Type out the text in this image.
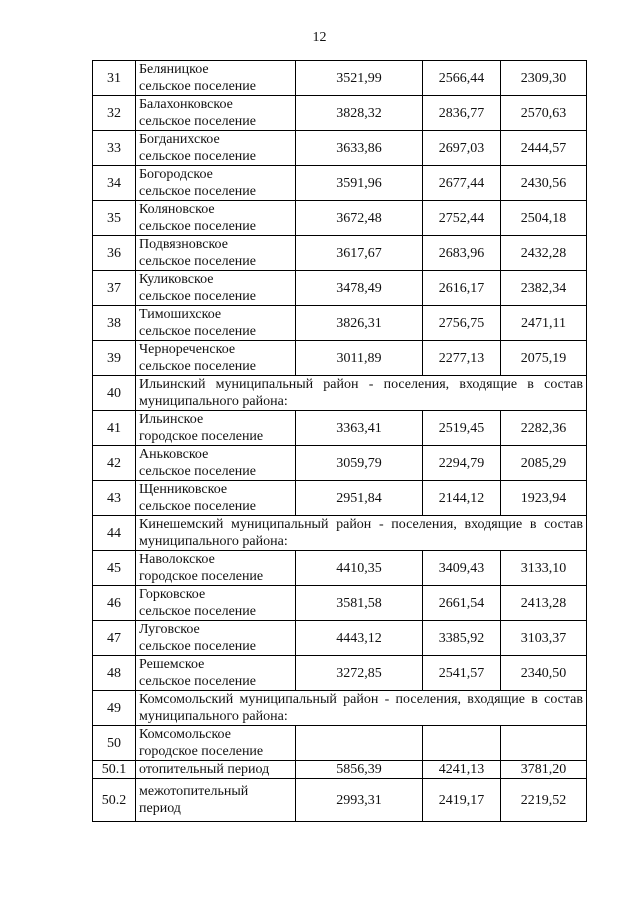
12
31	Беляницкое
сельское поселение	3521,99	2566,44	2309,30
32	Балахонковское
сельское поселение	3828,32	2836,77	2570,63
33	Богданихское
сельское поселение	3633,86	2697,03	2444,57
34	Богородское
сельское поселение	3591,96	2677,44	2430,56
35	Коляновское
сельское поселение	3672,48	2752,44	2504,18
36	Подвязновское
сельское поселение	3617,67	2683,96	2432,28
37	Куликовское
сельское поселение	3478,49	2616,17	2382,34
38	Тимошихское
сельское поселение	3826,31	2756,75	2471,11
39	Чернореченское
сельское поселение	3011,89	2277,13	2075,19
40	Ильинский муниципальный район - поселения, входящие в состав муниципального района:			
41	Ильинское
городское поселение	3363,41	2519,45	2282,36
42	Аньковское
сельское поселение	3059,79	2294,79	2085,29
43	Щенниковское
сельское поселение	2951,84	2144,12	1923,94
44	Кинешемский муниципальный район - поселения, входящие в состав муниципального района:			
45	Наволокское
городское поселение	4410,35	3409,43	3133,10
46	Горковское
сельское поселение	3581,58	2661,54	2413,28
47	Луговское
сельское поселение	4443,12	3385,92	3103,37
48	Решемское
сельское поселение	3272,85	2541,57	2340,50
49	Комсомольский муниципальный район - поселения, входящие в состав муниципального района:			
50	Комсомольское
городское поселение			

50.1	отопительный период	5856,39	4241,13	3781,20
50.2	межотопительный
период	2993,31	2419,17	2219,52
